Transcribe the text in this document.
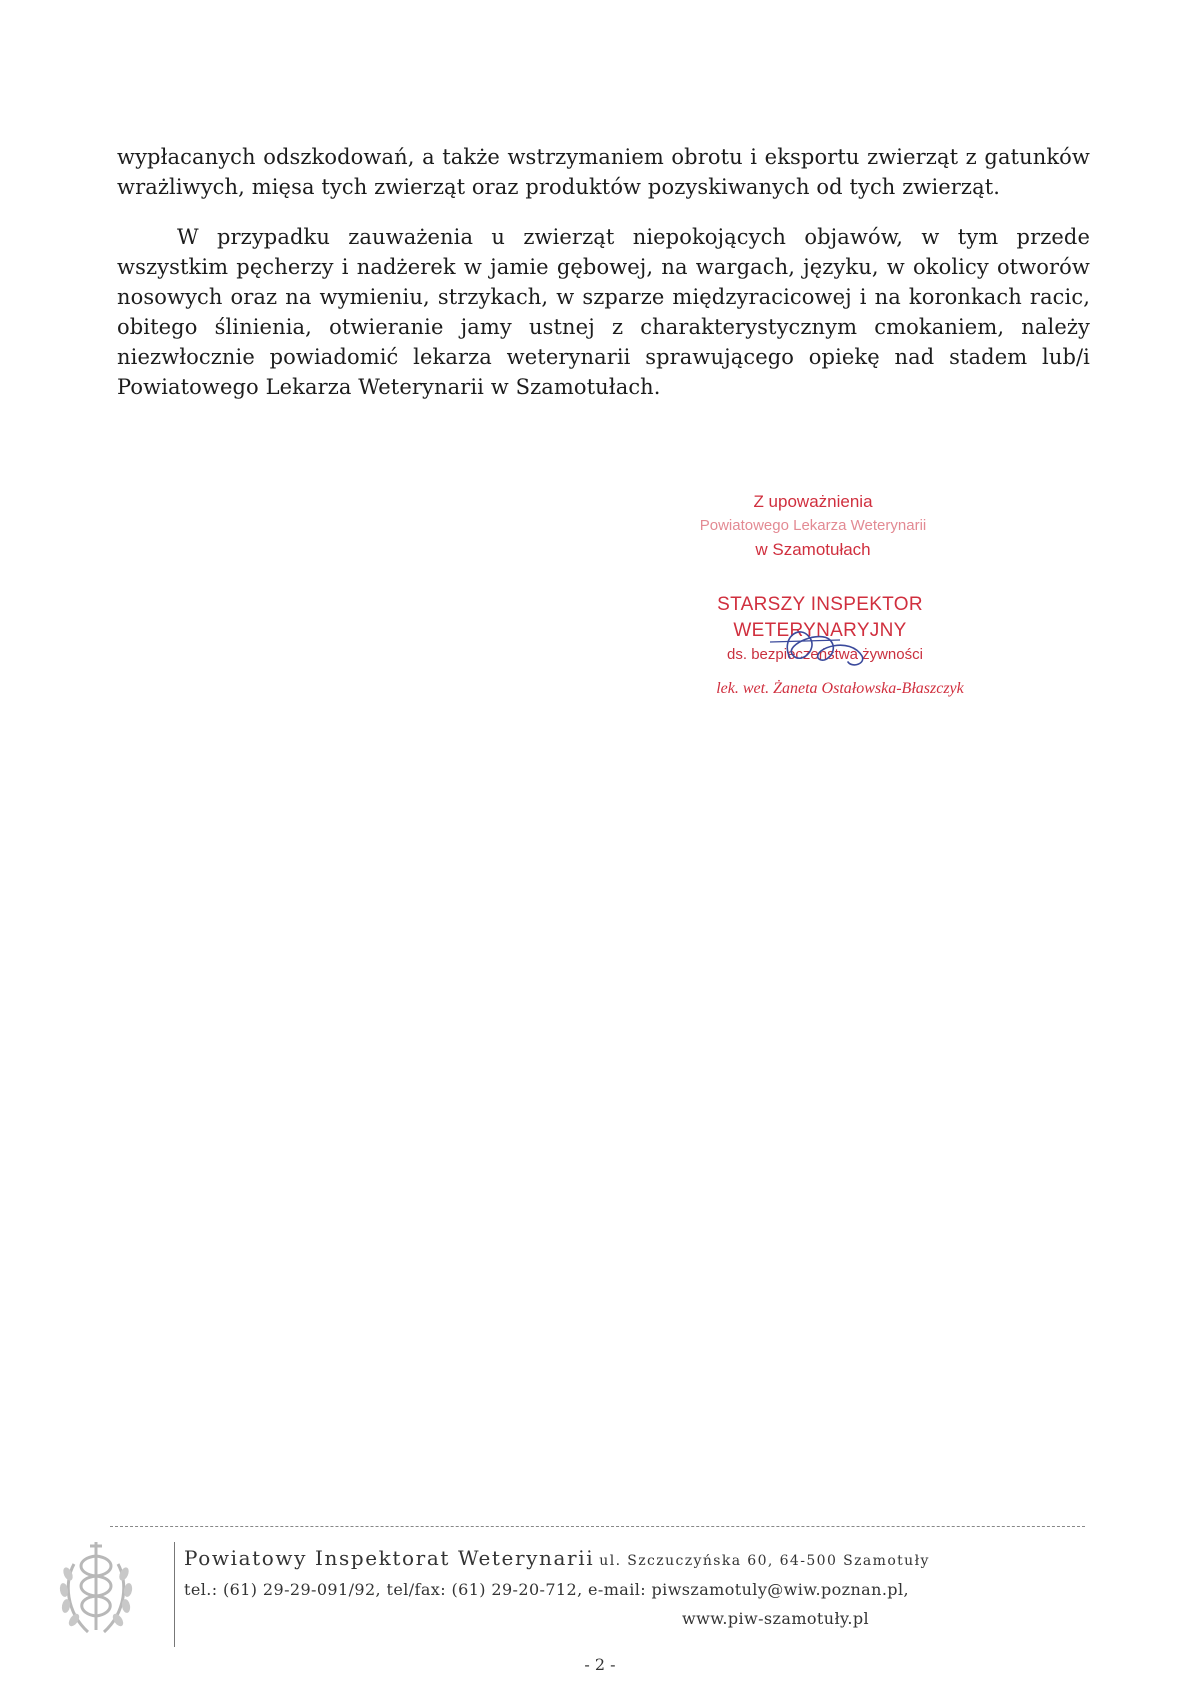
wypłacanych odszkodowań, a także wstrzymaniem obrotu i eksportu zwierząt z gatunków wrażliwych, mięsa tych zwierząt oraz produktów pozyskiwanych od tych zwierząt.
W przypadku zauważenia u zwierząt niepokojących objawów, w tym przede wszystkim pęcherzy i nadżerek w jamie gębowej, na wargach, języku, w okolicy otworów nosowych oraz na wymieniu, strzykach, w szparze międzyracicowej i na koronkach racic, obitego ślinienia, otwieranie jamy ustnej z charakterystycznym cmokaniem, należy niezwłocznie powiadomić lekarza weterynarii sprawującego opiekę nad stadem lub/i Powiatowego Lekarza Weterynarii w Szamotułach.
Z upoważnienia
Powiatowego Lekarza Weterynarii
w Szamotułach
STARSZY INSPEKTOR WETERYNARYJNY
ds. bezpieczeństwa żywności
lek. wet. Żaneta Ostałowska-Błaszczyk
Powiatowy Inspektorat Weterynarii ul. Szczuczyńska 60, 64-500 Szamotuły
tel.: (61) 29-29-091/92, tel/fax: (61) 29-20-712, e-mail: piwszamotuly@wiw.poznan.pl,
www.piw-szamotuły.pl
- 2 -
